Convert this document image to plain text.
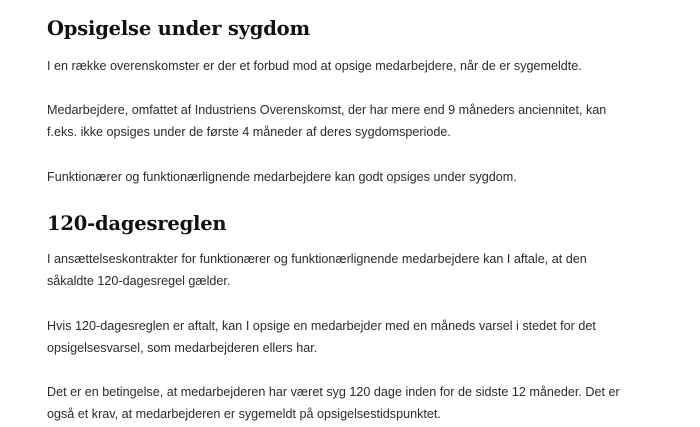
Opsigelse under sygdom

I en række overenskomster er der et forbud mod at opsige medarbejdere, når de er sygemeldte.

Medarbejdere, omfattet af Industriens Overenskomst, der har mere end 9 måneders anciennitet, kan
f.eks. ikke opsiges under de første 4 måneder af deres sygdomsperiode.

Funktionærer og funktionærlignende medarbejdere kan godt opsiges under sygdom.

120-dagesreglen

I ansættelseskontrakter for funktionærer og funktionærlignende medarbejdere kan I aftale, at den
såkaldte 120-dagesregel gælder.

Hvis 120-dagesreglen er aftalt, kan I opsige en medarbejder med en måneds varsel i stedet for det
opsigelsesvarsel, som medarbejderen ellers har.

Det er en betingelse, at medarbejderen har været syg 120 dage inden for de sidste 12 måneder. Det er
også et krav, at medarbejderen er sygemeldt på opsigelsestidspunktet.
